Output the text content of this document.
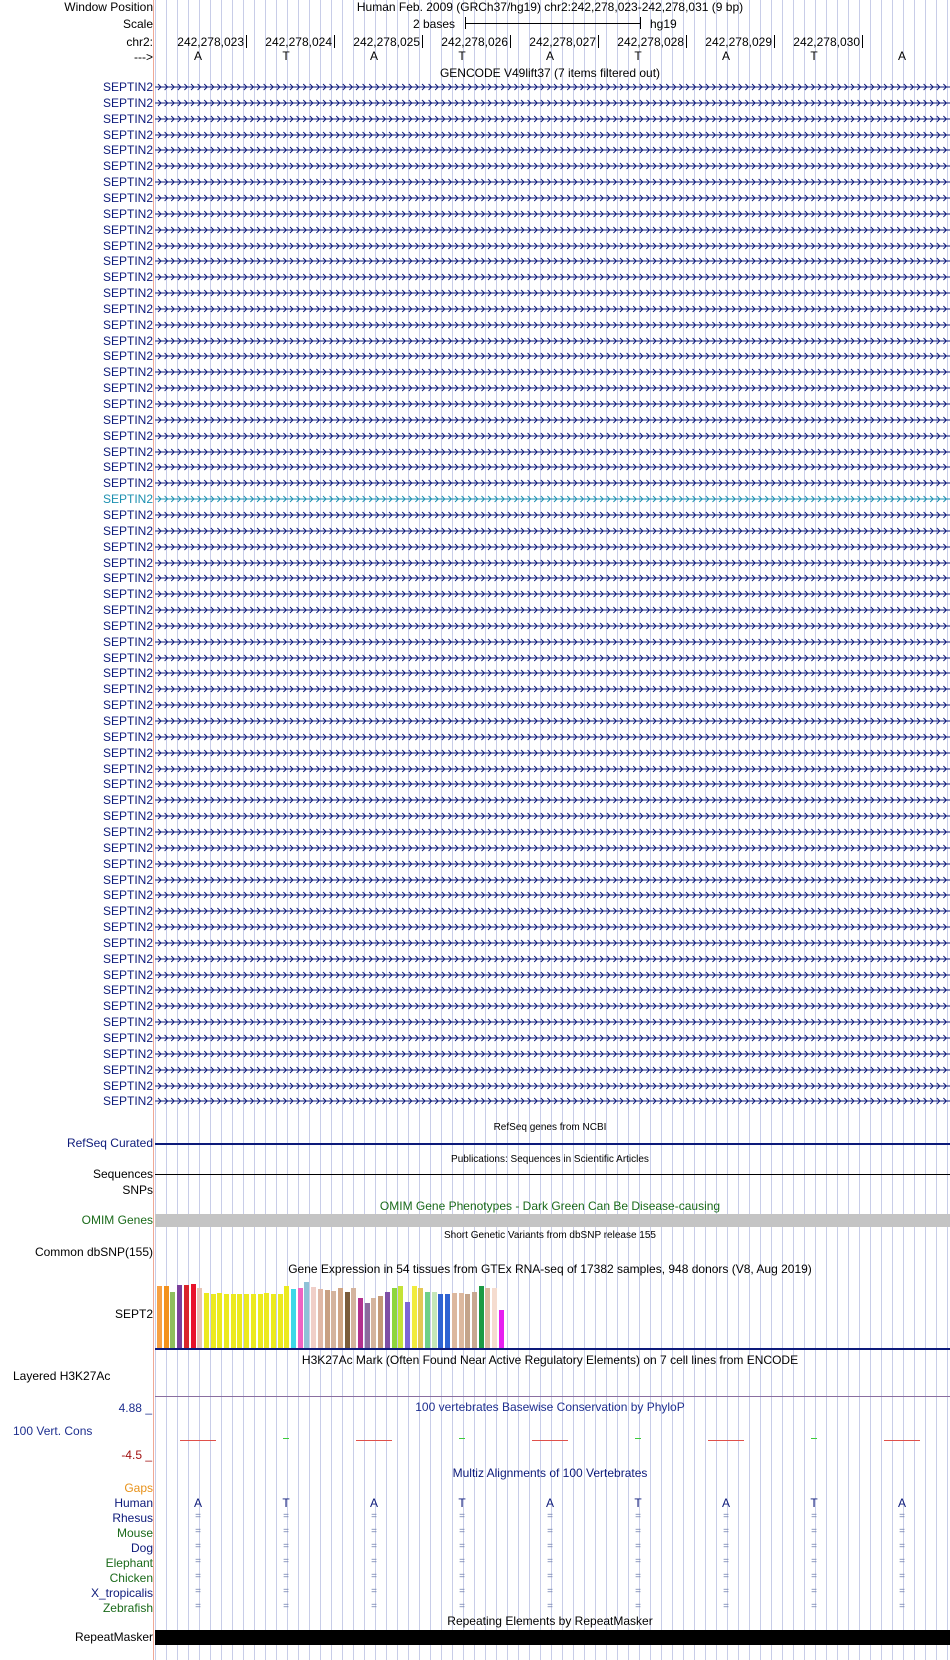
Window Position	Human Feb. 2009 (GRCh37/hg19) chr2:242,278,023-242,278,031 (9 bp)
Scale	2 bases	hg19
chr2:
--->
GENCODE V49lift37 (7 items filtered out)
RefSeq genes from NCBI
RefSeq Curated
Publications: Sequences in Scientific Articles
Sequences
SNPs
OMIM Gene Phenotypes - Dark Green Can Be Disease-causing
OMIM Genes
Short Genetic Variants from dbSNP release 155
Common dbSNP(155)
Gene Expression in 54 tissues from GTEx RNA-seq of 17382 samples, 948 donors (V8, Aug 2019)
SEPT2
H3K27Ac Mark (Often Found Near Active Regulatory Elements) on 7 cell lines from ENCODE
Layered H3K27Ac
4.88 _	100 vertebrates Basewise Conservation by PhyloP
100 Vert. Cons
-4.5 _
Multiz Alignments of 100 Vertebrates
Gaps
Repeating Elements by RepeatMasker
RepeatMasker
242,278,023	242,278,024	242,278,025	242,278,026	242,278,027	242,278,028	242,278,029	242,278,030
A	T	A	T	A	T	A	T	A
SEPTIN2
SEPTIN2
SEPTIN2
SEPTIN2
SEPTIN2
SEPTIN2
SEPTIN2
SEPTIN2
SEPTIN2
SEPTIN2
SEPTIN2
SEPTIN2
SEPTIN2
SEPTIN2
SEPTIN2
SEPTIN2
SEPTIN2
SEPTIN2
SEPTIN2
SEPTIN2
SEPTIN2
SEPTIN2
SEPTIN2
SEPTIN2
SEPTIN2
SEPTIN2
SEPTIN2
SEPTIN2
SEPTIN2
SEPTIN2
SEPTIN2
SEPTIN2
SEPTIN2
SEPTIN2
SEPTIN2
SEPTIN2
SEPTIN2
SEPTIN2
SEPTIN2
SEPTIN2
SEPTIN2
SEPTIN2
SEPTIN2
SEPTIN2
SEPTIN2
SEPTIN2
SEPTIN2
SEPTIN2
SEPTIN2
SEPTIN2
SEPTIN2
SEPTIN2
SEPTIN2
SEPTIN2
SEPTIN2
SEPTIN2
SEPTIN2
SEPTIN2
SEPTIN2
SEPTIN2
SEPTIN2
SEPTIN2
SEPTIN2
SEPTIN2
SEPTIN2
Human	A	T	A	T	A	T	A	T	A
Rhesus	=	=	=	=	=	=	=	=	=
Mouse	=	=	=	=	=	=	=	=	=
Dog	=	=	=	=	=	=	=	=	=
Elephant	=	=	=	=	=	=	=	=	=
Chicken	=	=	=	=	=	=	=	=	=
X_tropicalis	=	=	=	=	=	=	=	=	=
Zebrafish	=	=	=	=	=	=	=	=	=
